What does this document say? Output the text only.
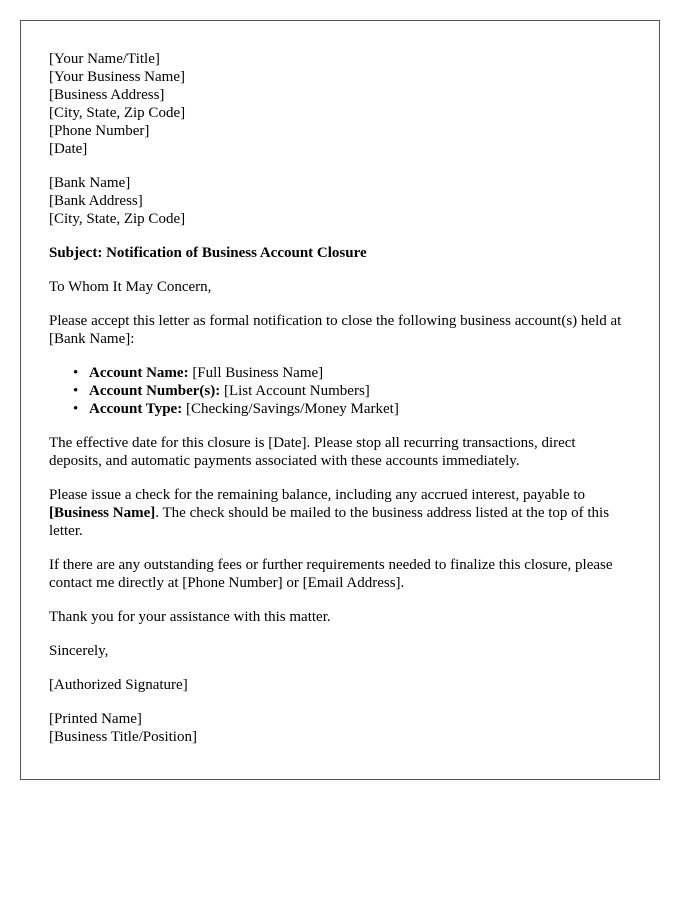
[Your Name/Title]
[Your Business Name]
[Business Address]
[City, State, Zip Code]
[Phone Number]
[Date]
[Bank Name]
[Bank Address]
[City, State, Zip Code]

Subject: Notification of Business Account Closure

To Whom It May Concern,

Please accept this letter as formal notification to close the following business account(s) held at [Bank Name]:

• Account Name: [Full Business Name]
• Account Number(s): [List Account Numbers]
• Account Type: [Checking/Savings/Money Market]

The effective date for this closure is [Date]. Please stop all recurring transactions, direct deposits, and automatic payments associated with these accounts immediately.

Please issue a check for the remaining balance, including any accrued interest, payable to [Business Name]. The check should be mailed to the business address listed at the top of this letter.

If there are any outstanding fees or further requirements needed to finalize this closure, please contact me directly at [Phone Number] or [Email Address].

Thank you for your assistance with this matter.

Sincerely,

[Authorized Signature]

[Printed Name]
[Business Title/Position]
